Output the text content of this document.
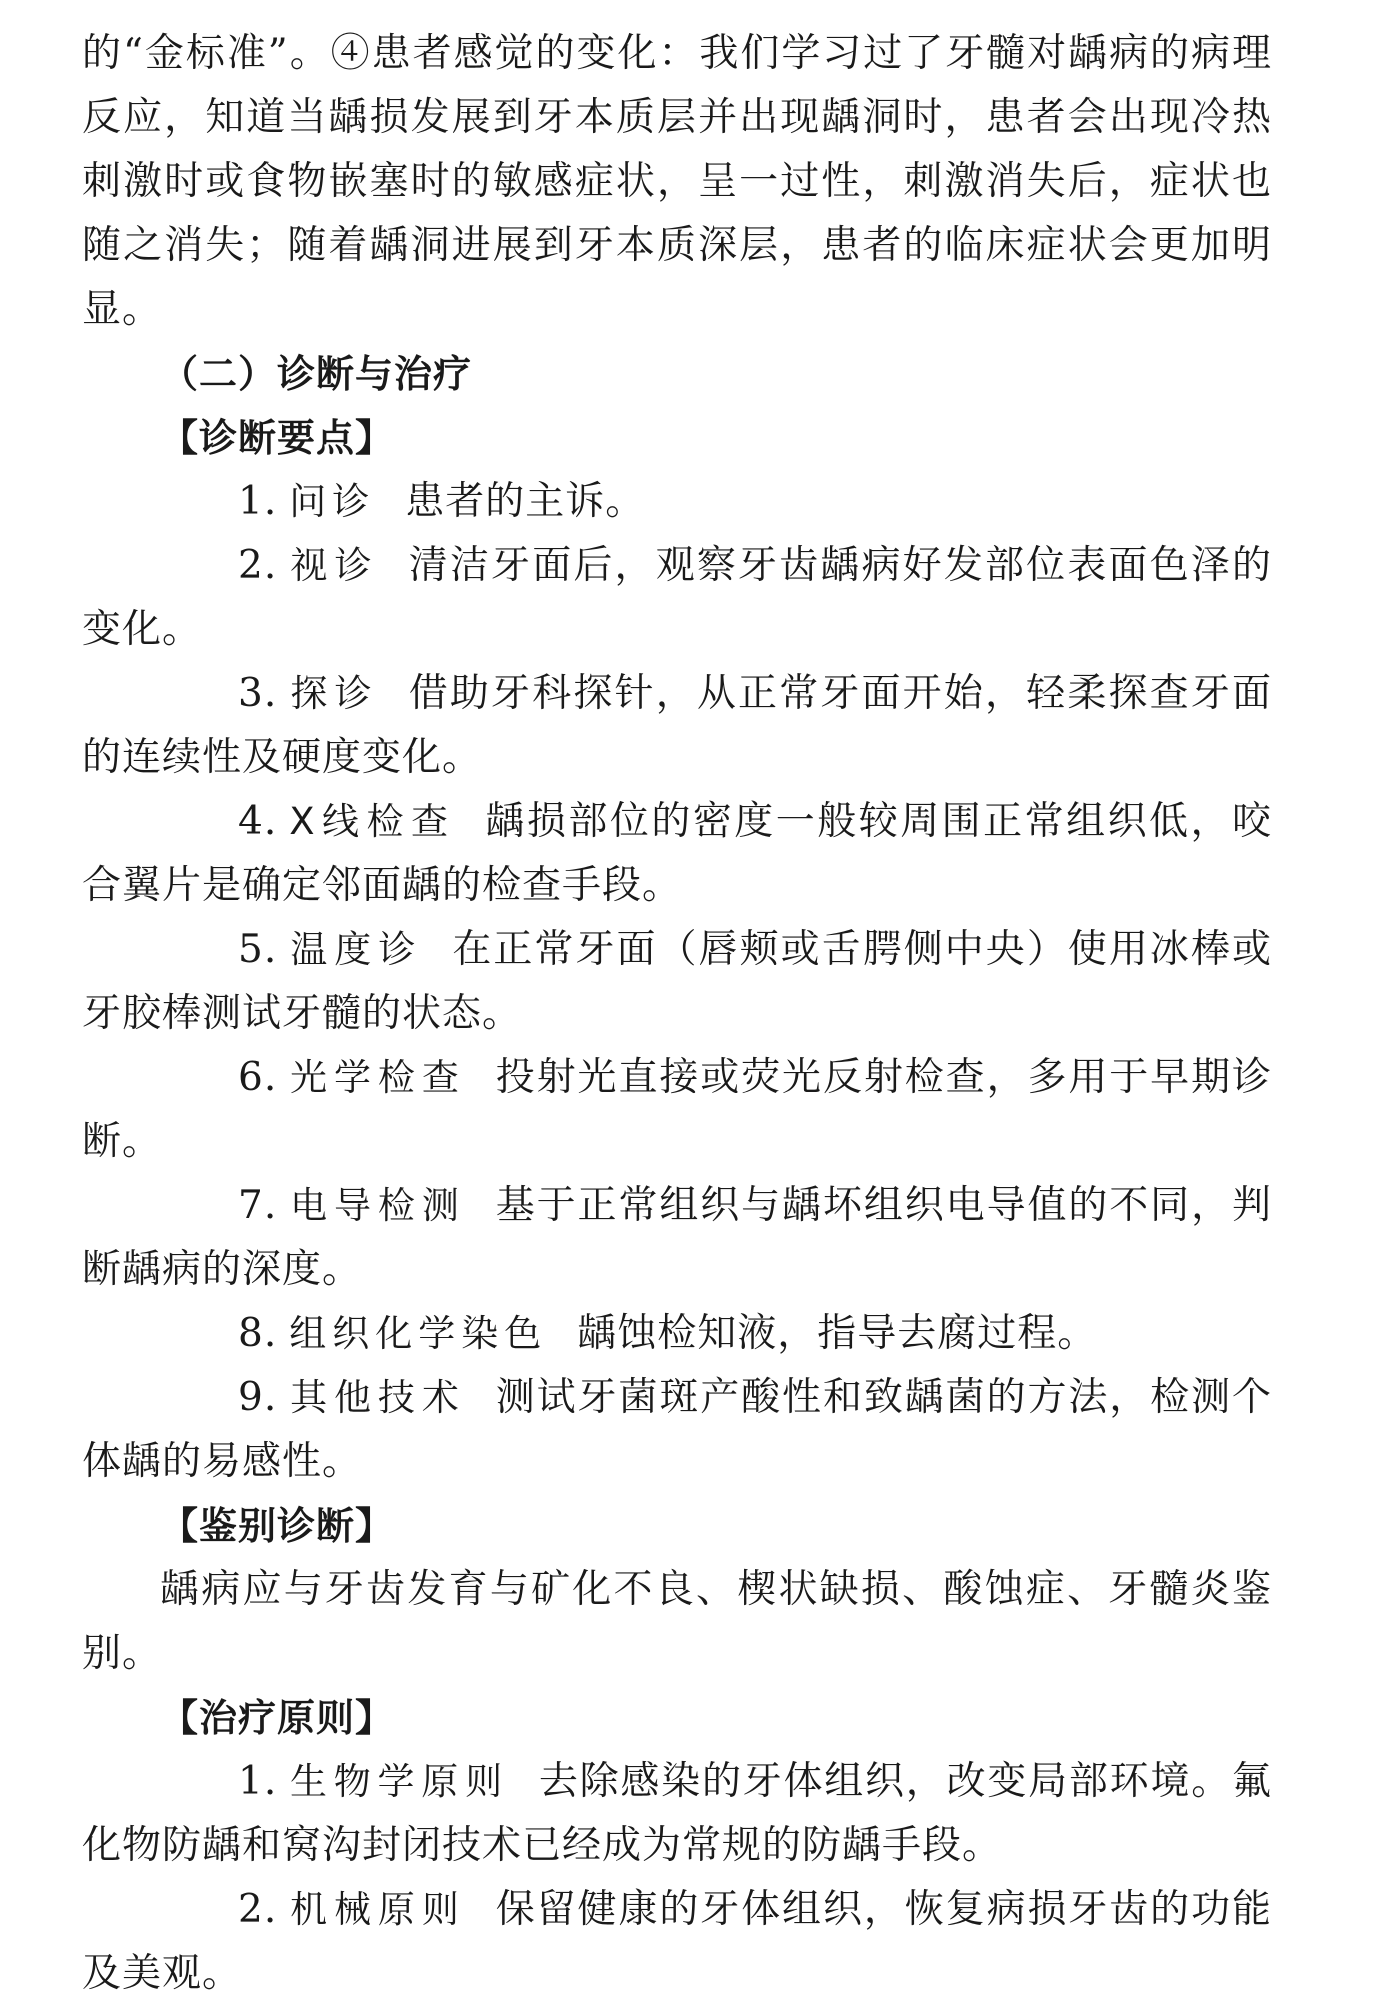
的“金标准”。④患者感觉的变化：我们学习过了牙髓对龋病的病理反应，知道当龋损发展到牙本质层并出现龋洞时，患者会出现冷热刺激时或食物嵌塞时的敏感症状，呈一过性，刺激消失后，症状也随之消失；随着龋洞进展到牙本质深层，患者的临床症状会更加明显。

（二）诊断与治疗

【诊断要点】

1. 问诊 患者的主诉。

2. 视诊 清洁牙面后，观察牙齿龋病好发部位表面色泽的变化。

3. 探诊 借助牙科探针，从正常牙面开始，轻柔探查牙面的连续性及硬度变化。

4. X线检查 龋损部位的密度一般较周围正常组织低，咬合翼片是确定邻面龋的检查手段。

5. 温度诊 在正常牙面（唇颊或舌腭侧中央）使用冰棒或牙胶棒测试牙髓的状态。

6. 光学检查 投射光直接或荧光反射检查，多用于早期诊断。

7. 电导检测 基于正常组织与龋坏组织电导值的不同，判断龋病的深度。

8. 组织化学染色 龋蚀检知液，指导去腐过程。

9. 其他技术 测试牙菌斑产酸性和致龋菌的方法，检测个体龋的易感性。

【鉴别诊断】

龋病应与牙齿发育与矿化不良、楔状缺损、酸蚀症、牙髓炎鉴别。

【治疗原则】

1. 生物学原则 去除感染的牙体组织，改变局部环境。氟化物防龋和窝沟封闭技术已经成为常规的防龋手段。

2. 机械原则 保留健康的牙体组织，恢复病损牙齿的功能及美观。
